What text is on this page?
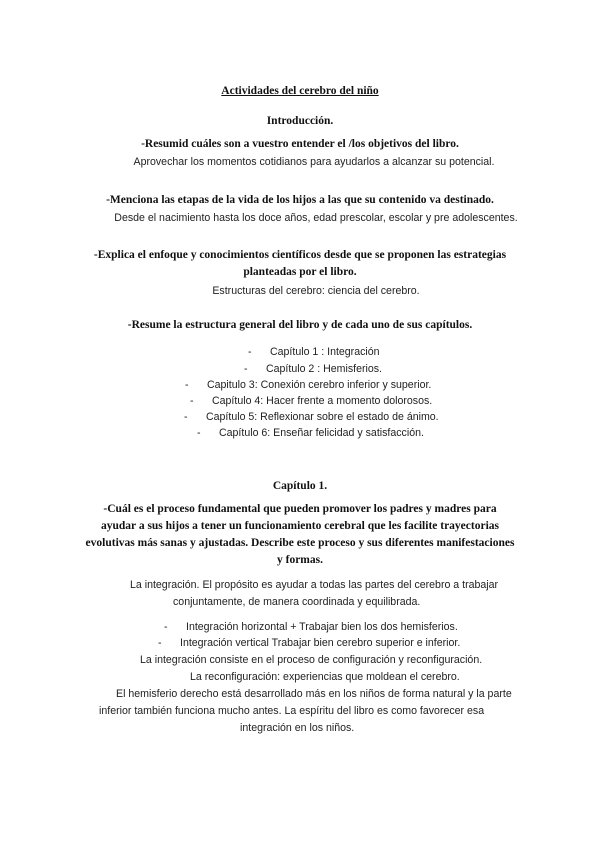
Actividades del cerebro del niño
Introducción.
-Resumid cuáles son a vuestro entender el /los objetivos del libro.
Aprovechar los momentos cotidianos para ayudarlos a alcanzar su potencial.
-Menciona las etapas de la vida de los hijos a las que su contenido va destinado.
Desde el nacimiento hasta los doce años, edad prescolar, escolar y pre adolescentes.
-Explica el enfoque y conocimientos científicos desde que se proponen las estrategias
planteadas por el libro.
Estructuras del cerebro: ciencia del cerebro.
-Resume la estructura general del libro y de cada uno de sus capítulos.
- Capítulo 1 : Integración
- Capítulo 2 : Hemisferios.
- Capitulo 3: Conexión cerebro inferior y superior.
- Capítulo 4: Hacer frente a momento dolorosos.
- Capítulo 5: Reflexionar sobre el estado de ánimo.
- Capítulo 6: Enseñar felicidad y satisfacción.
Capítulo 1.
-Cuál es el proceso fundamental que pueden promover los padres y madres para
ayudar a sus hijos a tener un funcionamiento cerebral que les facilite trayectorias
evolutivas más sanas y ajustadas. Describe este proceso y sus diferentes manifestaciones
y formas.
La integración. El propósito es ayudar a todas las partes del cerebro a trabajar
conjuntamente, de manera coordinada y equilibrada.
- Integración horizontal + Trabajar bien los dos hemisferios.
- Integración vertical Trabajar bien cerebro superior e inferior.
La integración consiste en el proceso de configuración y reconfiguración.
La reconfiguración: experiencias que moldean el cerebro.
El hemisferio derecho está desarrollado más en los niños de forma natural y la parte
inferior también funciona mucho antes. La espíritu del libro es como favorecer esa
integración en los niños.
